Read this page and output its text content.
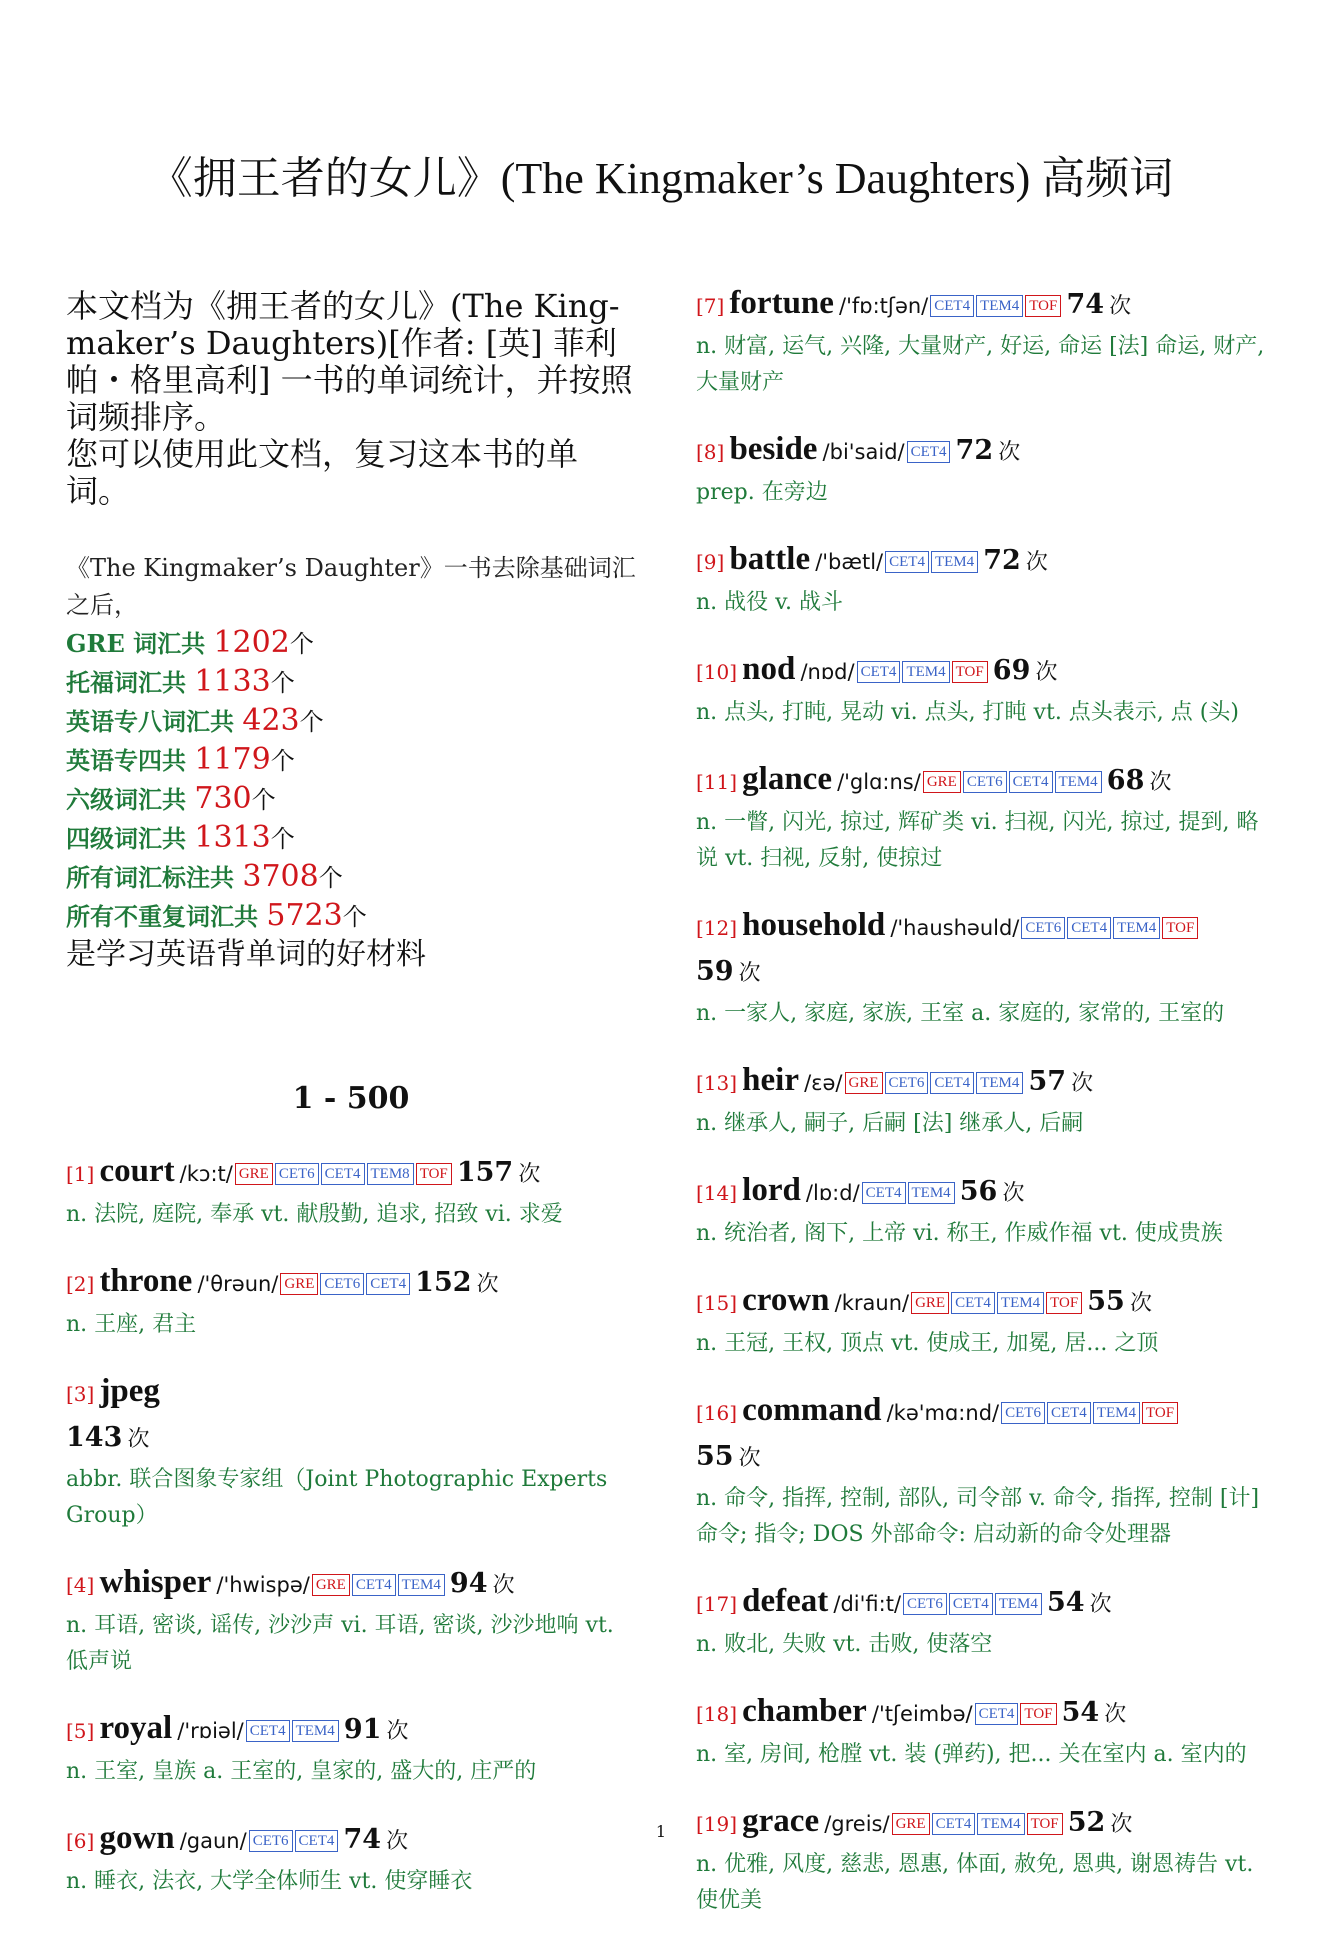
《拥王者的女儿》(The Kingmaker’s Daughters) 高频词
本文档为《拥王者的女儿》(The King-maker’s Daughters)[作者: [英] 菲利帕・格里高利] 一书的单词统计，并按照词频排序。
您可以使用此文档，复习这本书的单词。
《The Kingmaker’s Daughter》一书去除基础词汇之后，
GRE 词汇共 1202个
托福词汇共 1133个
英语专八词汇共 423个
英语专四共 1179个
六级词汇共 730个
四级词汇共 1313个
所有词汇标注共 3708个
所有不重复词汇共 5723个
是学习英语背单词的好材料
1 - 500
[1] court /kɔ:t/ GRE CET6 CET4 TEM8 TOF 157 次
n. 法院, 庭院, 奉承 vt. 献殷勤, 追求, 招致 vi. 求爱
[2] throne /'θrəun/ GRE CET6 CET4 152 次
n. 王座, 君主
[3] jpeg
143 次
abbr. 联合图象专家组（Joint Photographic Experts Group）
[4] whisper /'hwispə/ GRE CET4 TEM4 94 次
n. 耳语, 密谈, 谣传, 沙沙声 vi. 耳语, 密谈, 沙沙地响 vt. 低声说
[5] royal /'rɒiəl/ CET4 TEM4 91 次
n. 王室, 皇族 a. 王室的, 皇家的, 盛大的, 庄严的
[6] gown /gaun/ CET6 CET4 74 次
n. 睡衣, 法衣, 大学全体师生 vt. 使穿睡衣
[7] fortune /'fɒ:tʃən/ CET4 TEM4 TOF 74 次
n. 财富, 运气, 兴隆, 大量财产, 好运, 命运 [法] 命运, 财产, 大量财产
[8] beside /bi'said/ CET4 72 次
prep. 在旁边
[9] battle /'bætl/ CET4 TEM4 72 次
n. 战役 v. 战斗
[10] nod /nɒd/ CET4 TEM4 TOF 69 次
n. 点头, 打盹, 晃动 vi. 点头, 打盹 vt. 点头表示, 点 (头)
[11] glance /'glɑ:ns/ GRE CET6 CET4 TEM4 68 次
n. 一瞥, 闪光, 掠过, 辉矿类 vi. 扫视, 闪光, 掠过, 提到, 略说 vt. 扫视, 反射, 使掠过
[12] household /'haushəuld/ CET6 CET4 TEM4 TOF
59 次
n. 一家人, 家庭, 家族, 王室 a. 家庭的, 家常的, 王室的
[13] heir /ɛə/ GRE CET6 CET4 TEM4 57 次
n. 继承人, 嗣子, 后嗣 [法] 继承人, 后嗣
[14] lord /lɒ:d/ CET4 TEM4 56 次
n. 统治者, 阁下, 上帝 vi. 称王, 作威作福 vt. 使成贵族
[15] crown /kraun/ GRE CET4 TEM4 TOF 55 次
n. 王冠, 王权, 顶点 vt. 使成王, 加冕, 居... 之顶
[16] command /kə'mɑ:nd/ CET6 CET4 TEM4 TOF
55 次
n. 命令, 指挥, 控制, 部队, 司令部 v. 命令, 指挥, 控制 [计] 命令; 指令; DOS 外部命令: 启动新的命令处理器
[17] defeat /di'fi:t/ CET6 CET4 TEM4 54 次
n. 败北, 失败 vt. 击败, 使落空
[18] chamber /'tʃeimbə/ CET4 TOF 54 次
n. 室, 房间, 枪膛 vt. 装 (弹药), 把... 关在室内 a. 室内的
[19] grace /greis/ GRE CET4 TEM4 TOF 52 次
n. 优雅, 风度, 慈悲, 恩惠, 体面, 赦免, 恩典, 谢恩祷告 vt. 使优美
1
